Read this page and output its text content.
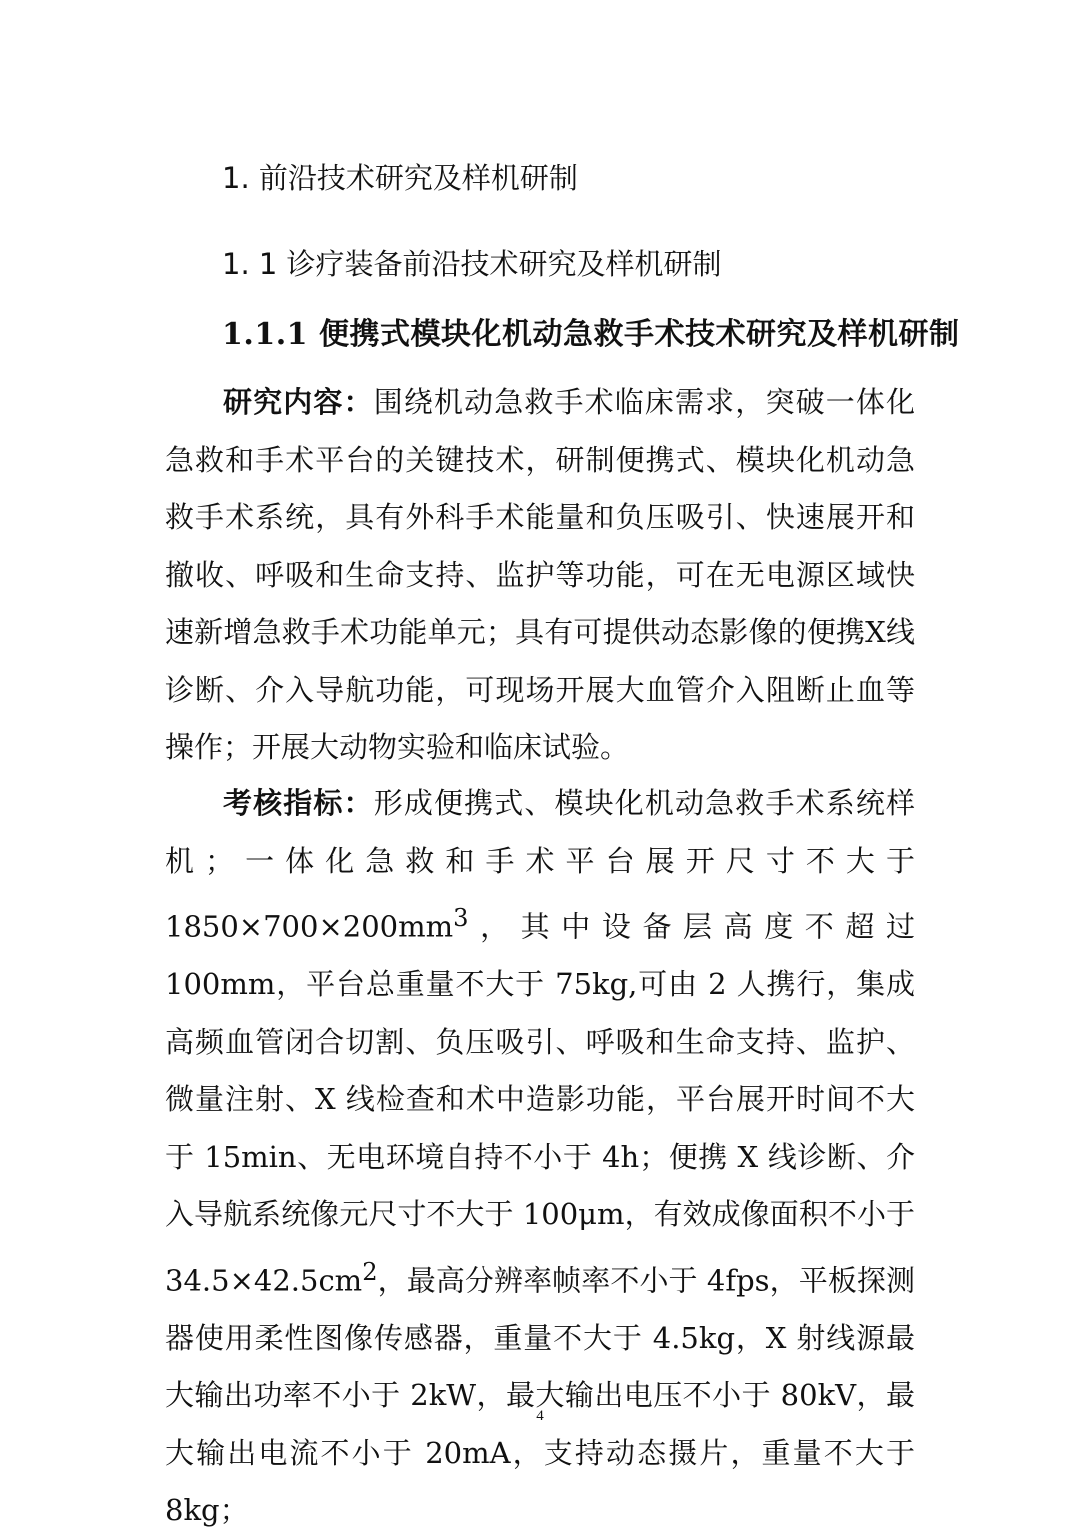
1. 前沿技术研究及样机研制
1. 1 诊疗装备前沿技术研究及样机研制
1.1.1 便携式模块化机动急救手术技术研究及样机研制

研究内容：围绕机动急救手术临床需求，突破一体化急救和手术平台的关键技术，研制便携式、模块化机动急救手术系统，具有外科手术能量和负压吸引、快速展开和撤收、呼吸和生命支持、监护等功能，可在无电源区域快速新增急救手术功能单元；具有可提供动态影像的便携X线诊断、介入导航功能，可现场开展大血管介入阻断止血等操作；开展大动物实验和临床试验。

考核指标：形成便携式、模块化机动急救手术系统样机；一体化急救和手术平台展开尺寸不大于 $1850\times 700\times 200mm^3$，其中设备层高度不超过 100mm，平台总重量不大于 75kg,可由 2 人携行，集成高频血管闭合切割、负压吸引、呼吸和生命支持、监护、微量注射、X 线检查和术中造影功能，平台展开时间不大于 15min、无电环境自持不小于 4h；便携 X 线诊断、介入导航系统像元尺寸不大于 100μm，有效成像面积不小于 $34.5\times 42.5cm^2$，最高分辨率帧率不小于 4fps，平板探测器使用柔性图像传感器，重量不大于 4.5kg，X 射线源最大输出功率不小于 2kW，最大输出电压不小于 80kV，最大输出电流不小于 20mA，支持动态摄片，重量不大于 8kg；

4
